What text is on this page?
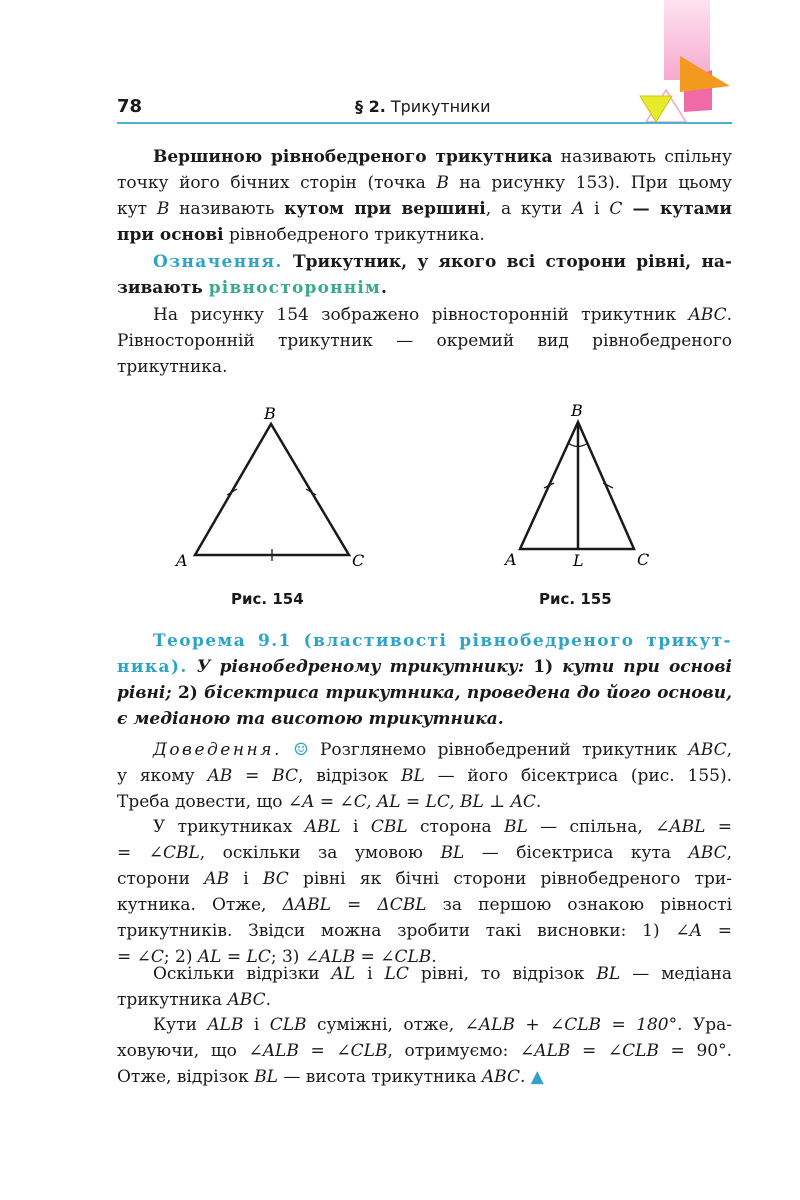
78	§ 2. Трикутники
Вершиною рівнобедреного трикутника називають спільну
точку його бічних сторін (точка B на рисунку 153). При цьому
кут B називають кутом при вершині, а кути A і C — кутами
при основі рівнобедреного трикутника.
Означення. Трикутник, у якого всі сторони рівні, на-
зивають рівностороннім.
На рисунку 154 зображено рівносторонній трикутник ABC.
Рівносторонній трикутник — окремий вид рівнобедреного
трикутника.
B
A	C
Рис. 154
B
A	C
L
Рис. 155
Теорема 9.1 (властивості рівнобедреного трикут-
ника). У рівнобедреному трикутнику: 1) кути при основі
рівні; 2) бісектриса трикутника, проведена до його основи,
є медіаною та висотою трикутника.
Доведення. ☺ Розглянемо рівнобедрений трикутник ABC,
у якому AB = BC, відрізок BL — його бісектриса (рис. 155).
Треба довести, що ∠A = ∠C, AL = LC, BL ⊥ AC.
У трикутниках ABL і CBL сторона BL — спільна, ∠ABL =
= ∠CBL, оскільки за умовою BL — бісектриса кута ABC,
сторони AB і BC рівні як бічні сторони рівнобедреного три-
кутника. Отже, ΔABL = ΔCBL за першою ознакою рівності
трикутників. Звідси можна зробити такі висновки: 1) ∠A =
= ∠C; 2) AL = LC; 3) ∠ALB = ∠CLB.
Оскільки відрізки AL і LC рівні, то відрізок BL — медіана
трикутника ABC.
Кути ALB і CLB суміжні, отже, ∠ALB + ∠CLB = 180°. Ура-
ховуючи, що ∠ALB = ∠CLB, отримуємо: ∠ALB = ∠CLB = 90°.
Отже, відрізок BL — висота трикутника ABC. ▲
